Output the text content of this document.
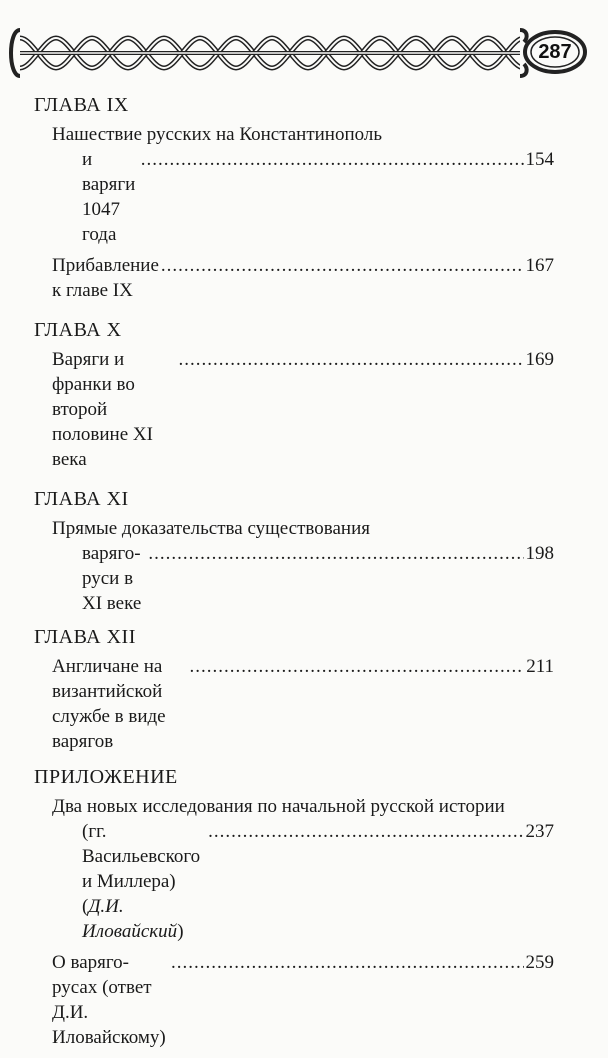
287
ГЛАВА IX
Нашествие русских на Константинополь
и варяги 1047 года
.....
154
Прибавление к главе IX
.....
167
ГЛАВА X
Варяги и франки во второй половине XI века
.....
169
ГЛАВА XI
Прямые доказательства существования
варяго-руси в XI веке
.....
198
ГЛАВА XII
Англичане на византийской службе в виде варягов
.....
211
ПРИЛОЖЕНИЕ
Два новых исследования по начальной русской истории
(гг. Васильевского и Миллера) (Д.И. Иловайский)
.....
237
О варяго-русах (ответ Д.И. Иловайскому)
.....
259
